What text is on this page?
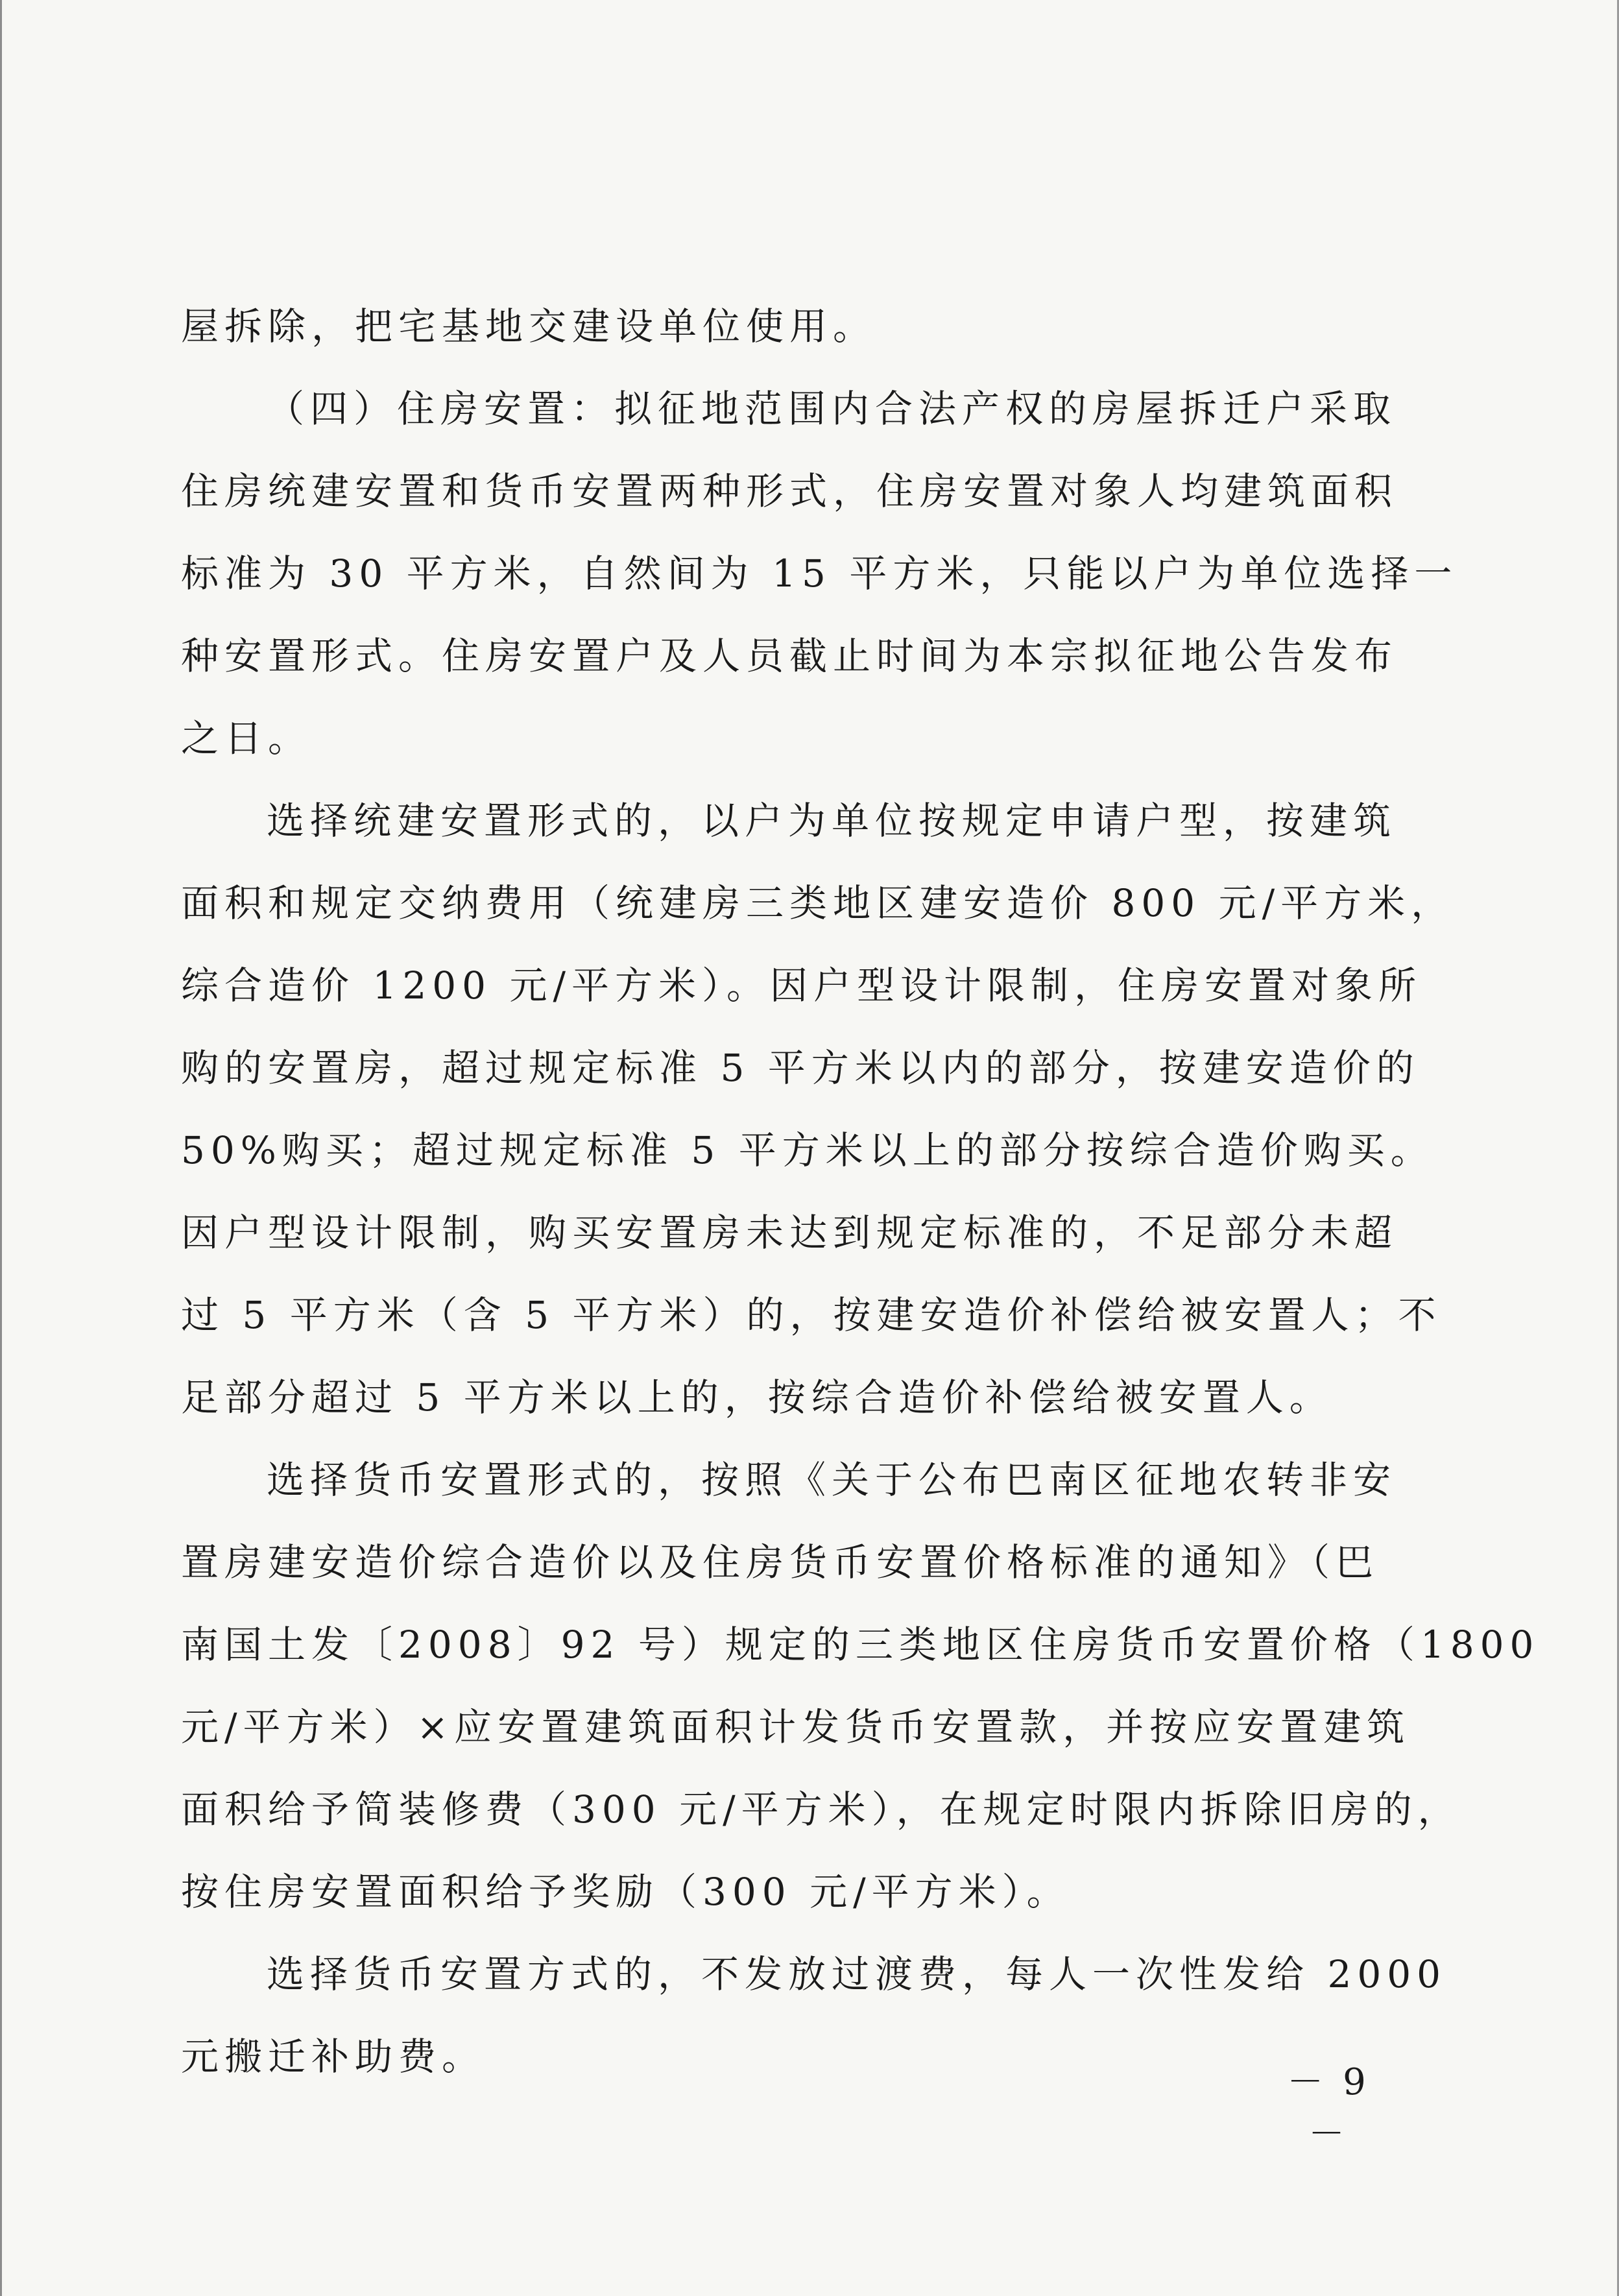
屋拆除，把宅基地交建设单位使用。
（四）住房安置：拟征地范围内合法产权的房屋拆迁户采取
住房统建安置和货币安置两种形式，住房安置对象人均建筑面积
标准为 30 平方米，自然间为 15 平方米，只能以户为单位选择一
种安置形式。住房安置户及人员截止时间为本宗拟征地公告发布
之日。
选择统建安置形式的，以户为单位按规定申请户型，按建筑
面积和规定交纳费用（统建房三类地区建安造价 800 元/平方米，
综合造价 1200 元/平方米）。因户型设计限制，住房安置对象所
购的安置房，超过规定标准 5 平方米以内的部分，按建安造价的
50%购买；超过规定标准 5 平方米以上的部分按综合造价购买。
因户型设计限制，购买安置房未达到规定标准的，不足部分未超
过 5 平方米（含 5 平方米）的，按建安造价补偿给被安置人；不
足部分超过 5 平方米以上的，按综合造价补偿给被安置人。
选择货币安置形式的，按照《关于公布巴南区征地农转非安
置房建安造价综合造价以及住房货币安置价格标准的通知》（巴
南国土发〔2008〕92 号）规定的三类地区住房货币安置价格（1800
元/平方米）×应安置建筑面积计发货币安置款，并按应安置建筑
面积给予简装修费（300 元/平方米），在规定时限内拆除旧房的，
按住房安置面积给予奖励（300 元/平方米）。
选择货币安置方式的，不发放过渡费，每人一次性发给 2000
元搬迁补助费。
－ 9 －
